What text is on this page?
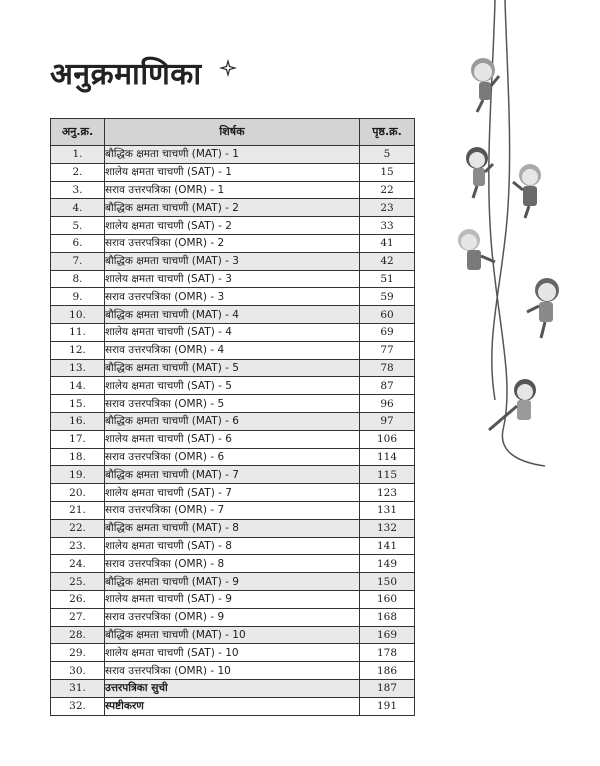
अनुक्रमाणिका
अनु.क्र.	शिर्षक	पृष्ठ.क्र.
1.	बौद्धिक क्षमता चाचणी (MAT) - 1	5
2.	शालेय क्षमता चाचणी (SAT) - 1	15
3.	सराव उत्तरपत्रिका (OMR) - 1	22
4.	बौद्धिक क्षमता चाचणी (MAT) - 2	23
5.	शालेय क्षमता चाचणी (SAT) - 2	33
6.	सराव उत्तरपत्रिका (OMR) - 2	41
7.	बौद्धिक क्षमता चाचणी (MAT) - 3	42
8.	शालेय क्षमता चाचणी (SAT) - 3	51
9.	सराव उत्तरपत्रिका (OMR) - 3	59
10.	बौद्धिक क्षमता चाचणी (MAT) - 4	60
11.	शालेय क्षमता चाचणी (SAT) - 4	69
12.	सराव उत्तरपत्रिका (OMR) - 4	77
13.	बौद्धिक क्षमता चाचणी (MAT) - 5	78
14.	शालेय क्षमता चाचणी (SAT) - 5	87
15.	सराव उत्तरपत्रिका (OMR) - 5	96
16.	बौद्धिक क्षमता चाचणी (MAT) - 6	97
17.	शालेय क्षमता चाचणी (SAT) - 6	106
18.	सराव उत्तरपत्रिका (OMR) - 6	114
19.	बौद्धिक क्षमता चाचणी (MAT) - 7	115
20.	शालेय क्षमता चाचणी (SAT) - 7	123
21.	सराव उत्तरपत्रिका (OMR) - 7	131
22.	बौद्धिक क्षमता चाचणी (MAT) - 8	132
23.	शालेय क्षमता चाचणी (SAT) - 8	141
24.	सराव उत्तरपत्रिका (OMR) - 8	149
25.	बौद्धिक क्षमता चाचणी (MAT) - 9	150
26.	शालेय क्षमता चाचणी (SAT) - 9	160
27.	सराव उत्तरपत्रिका (OMR) - 9	168
28.	बौद्धिक क्षमता चाचणी (MAT) - 10	169
29.	शालेय क्षमता चाचणी (SAT) - 10	178
30.	सराव उत्तरपत्रिका (OMR) - 10	186
31.	उत्तरपत्रिका सुची	187
32.	स्पष्टीकरण	191
